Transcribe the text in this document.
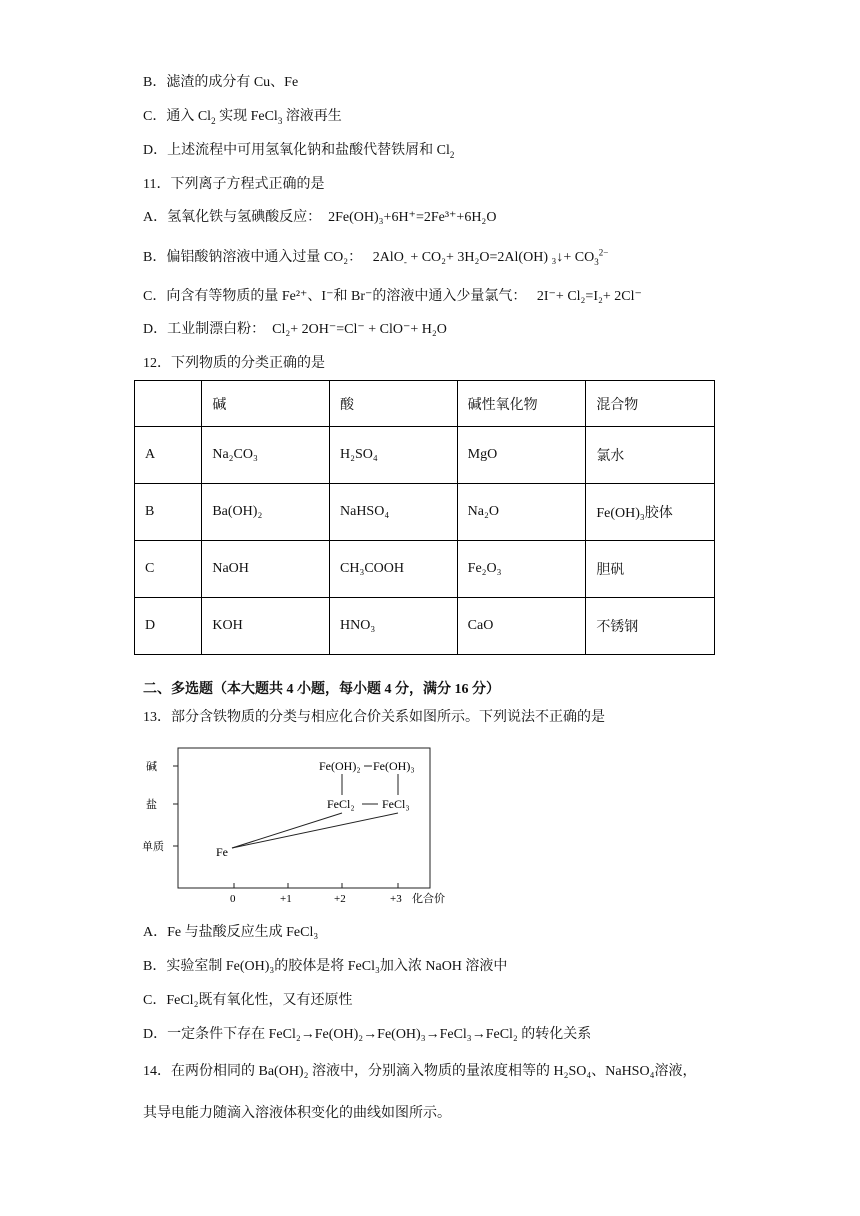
B．滤渣的成分有 Cu、Fe
C．通入 $Cl_2$ 实现 FeCl$_3$ 溶液再生
D．上述流程中可用氢氧化钠和盐酸代替铁屑和 $Cl_2$
11．下列离子方程式正确的是
A．氢氧化铁与氢碘酸反应： 2Fe(OH)₃+6H⁺=2Fe³⁺+6H₂O
B．偏铝酸钠溶液中通入过量 CO₂： 2AlO$_-$ + CO₂+ 3H₂O=2Al(OH) ₃↓+ $CO_3^{2-}$
C．向含有等物质的量 Fe²⁺、I⁻和 Br⁻的溶液中通入少量氯气： 2I⁻+ Cl₂=I₂+ 2Cl⁻
D．工业制漂白粉： Cl₂+ 2OH⁻=Cl⁻ + ClO⁻+ H₂O
12．下列物质的分类正确的是
	碱	酸	碱性氧化物	混合物
A	Na₂CO₃	H₂SO₄	MgO	氯水
B	Ba(OH)₂	NaHSO₄	Na₂O	Fe(OH)₃胶体
C	NaOH	CH₃COOH	Fe₂O₃	胆矾
D	KOH	HNO₃	CaO	不锈钢
二、多选题（本大题共 4 小题，每小题 4 分，满分 16 分）
13．部分含铁物质的分类与相应化合价关系如图所示。下列说法不正确的是
碱
盐
单质
0	+1	+2	+3 化合价
Fe(OH)₂ Fe(OH)₃
FeCl₂ FeCl₃
Fe
A．Fe 与盐酸反应生成 FeCl₃
B．实验室制 Fe(OH)₃的胶体是将 FeCl₃加入浓 NaOH 溶液中
C．FeCl₂既有氧化性，又有还原性
D．一定条件下存在 FeCl₂→Fe(OH)₂→Fe(OH)₃→FeCl₃→FeCl₂ 的转化关系
14．在两份相同的 Ba(OH)₂ 溶液中，分别滴入物质的量浓度相等的 H₂SO₄、NaHSO₄溶液，
其导电能力随滴入溶液体积变化的曲线如图所示。
